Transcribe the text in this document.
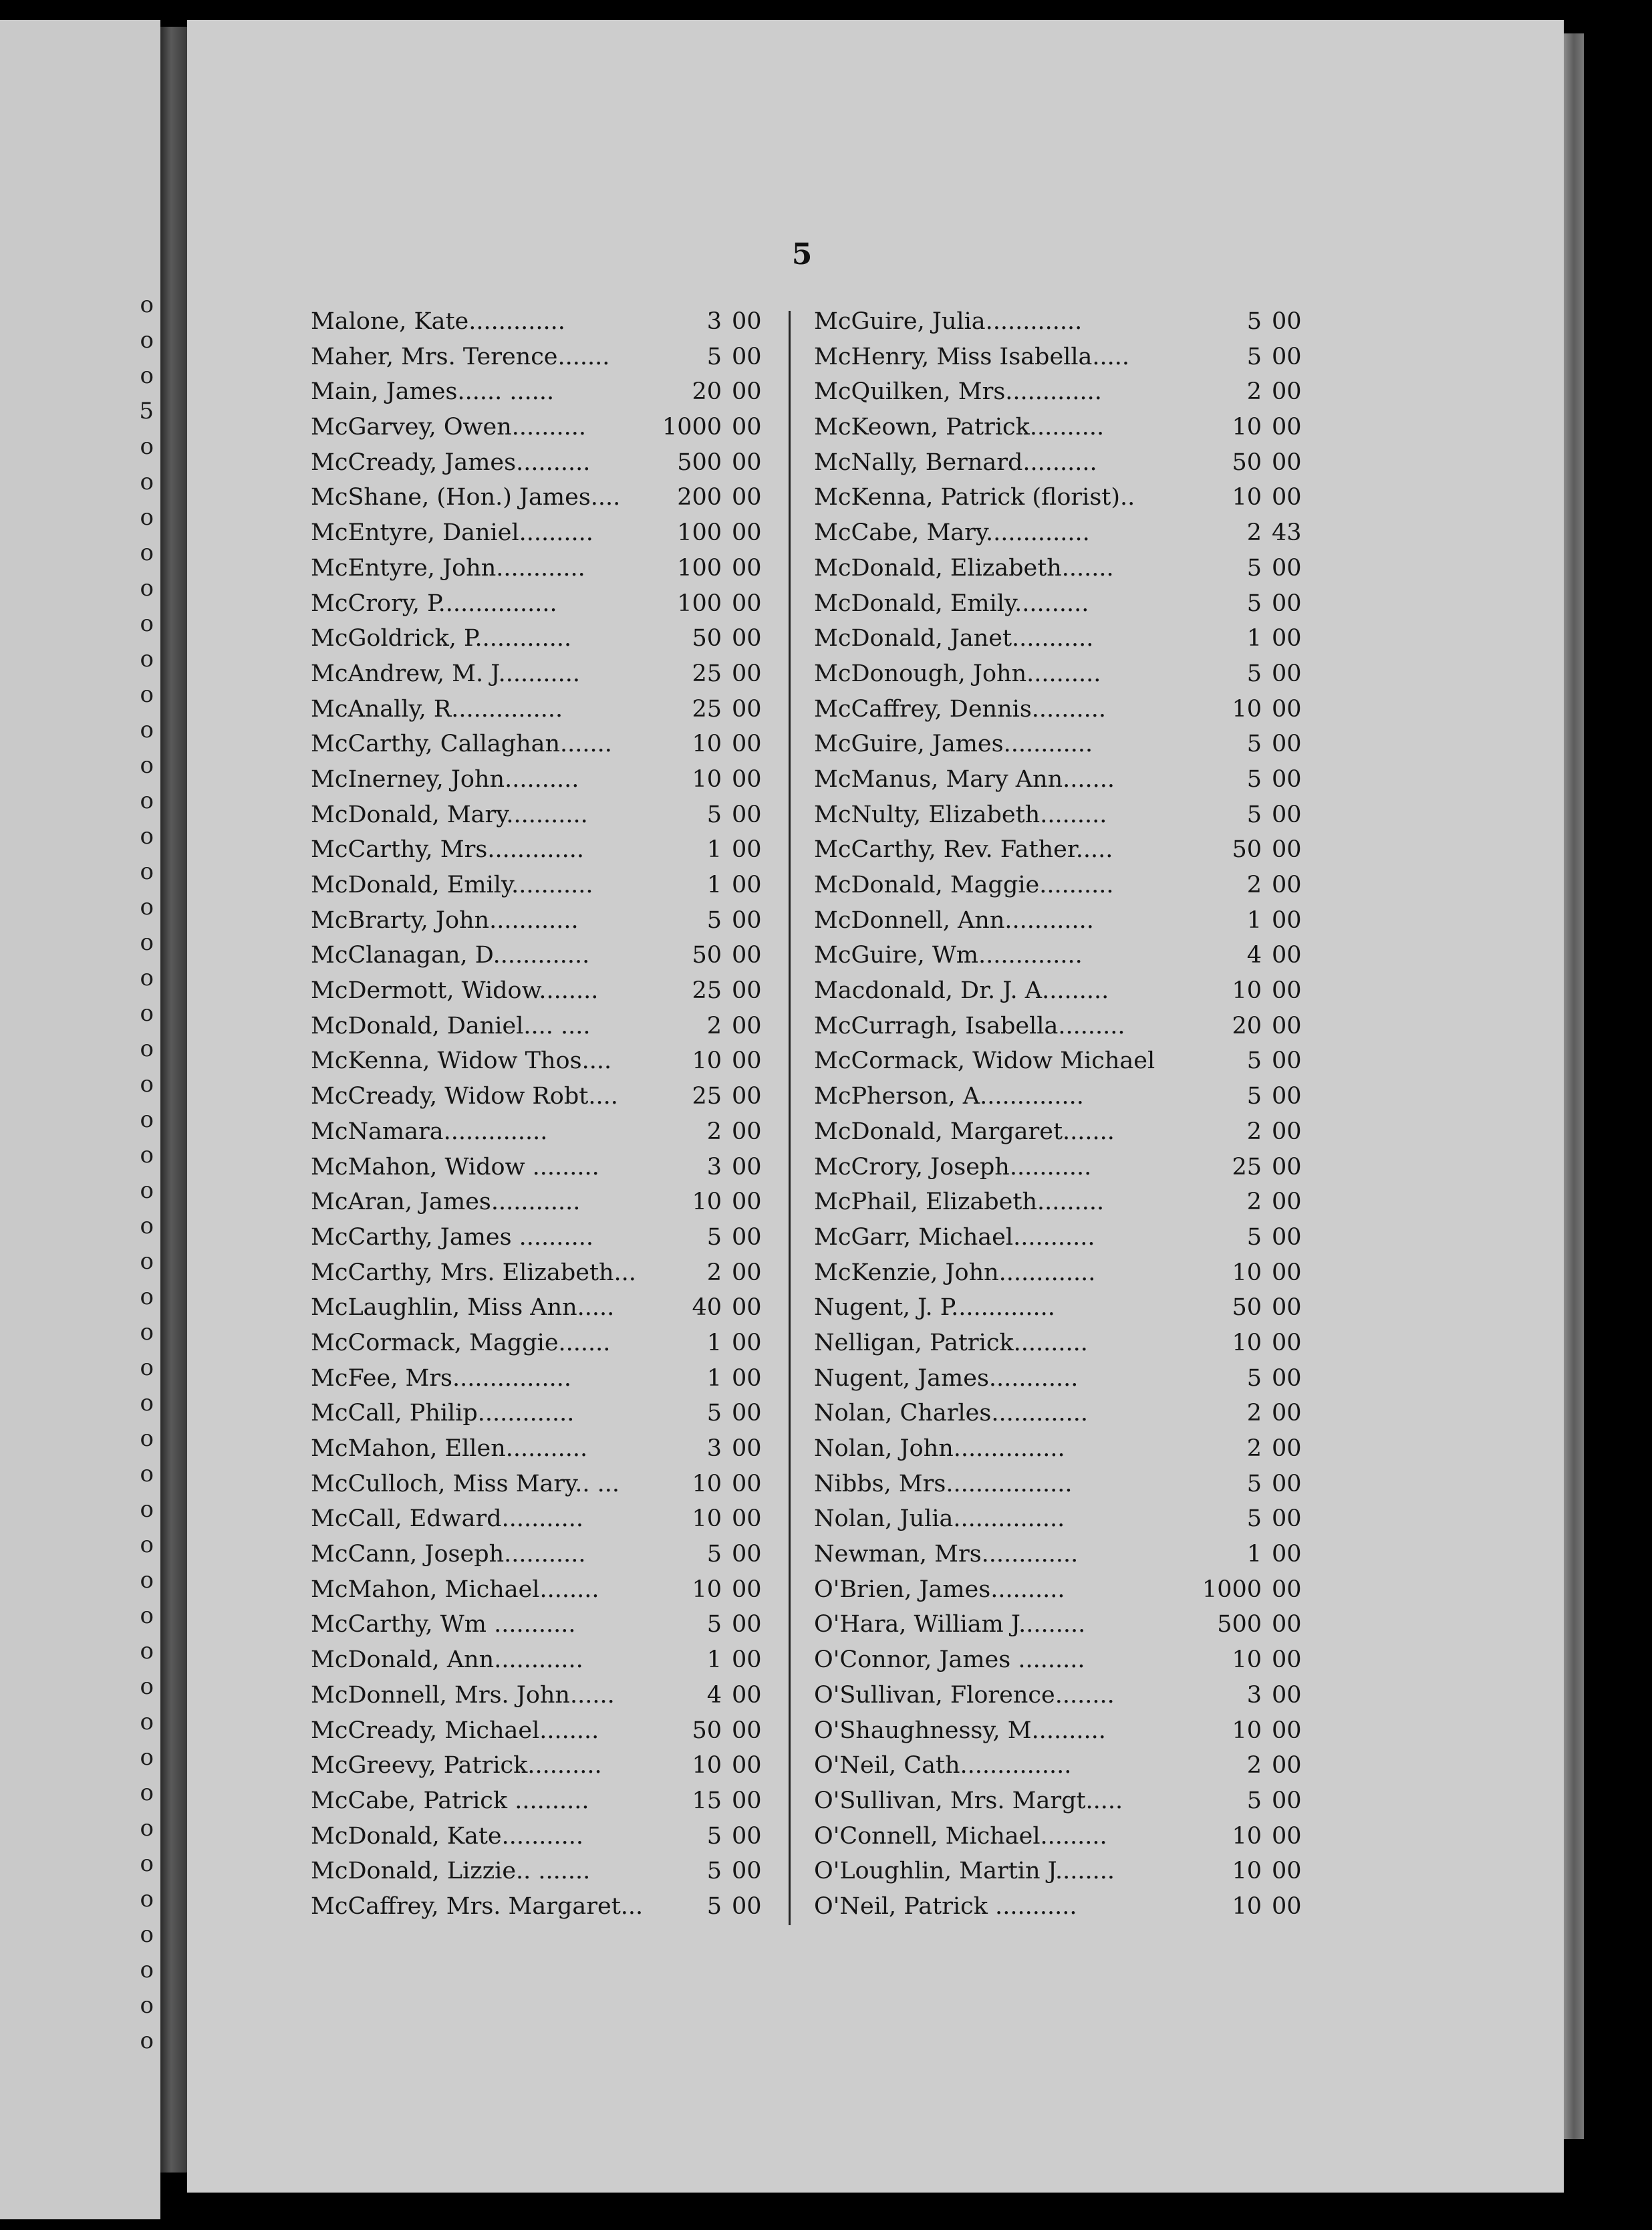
o
o
o
5
o
o
o
o
o
o
o
o
o
o
o
o
o
o
o
o
o
o
o
o
o
o
o
o
o
o
o
o
o
o
o
o
o
o
o
o
o
o
o
o
o
o
o
o
o
o
5
Malone, Kate.............	3 00
Maher, Mrs. Terence.......	5 00
Main, James...... ......	20 00
McGarvey, Owen..........	1000 00
McCready, James..........	500 00
McShane, (Hon.) James....	200 00
McEntyre, Daniel..........	100 00
McEntyre, John............	100 00
McCrory, P................	100 00
McGoldrick, P.............	50 00
McAndrew, M. J...........	25 00
McAnally, R...............	25 00
McCarthy, Callaghan.......	10 00
McInerney, John..........	10 00
McDonald, Mary...........	5 00
McCarthy, Mrs.............	1 00
McDonald, Emily...........	1 00
McBrarty, John............	5 00
McClanagan, D.............	50 00
McDermott, Widow........	25 00
McDonald, Daniel.... ....	2 00
McKenna, Widow Thos....	10 00
McCready, Widow Robt....	25 00
McNamara..............	2 00
McMahon, Widow .........	3 00
McAran, James............	10 00
McCarthy, James ..........	5 00
McCarthy, Mrs. Elizabeth...	2 00
McLaughlin, Miss Ann.....	40 00
McCormack, Maggie.......	1 00
McFee, Mrs................	1 00
McCall, Philip.............	5 00
McMahon, Ellen...........	3 00
McCulloch, Miss Mary.. ...	10 00
McCall, Edward...........	10 00
McCann, Joseph...........	5 00
McMahon, Michael........	10 00
McCarthy, Wm ...........	5 00
McDonald, Ann............	1 00
McDonnell, Mrs. John......	4 00
McCready, Michael........	50 00
McGreevy, Patrick..........	10 00
McCabe, Patrick ..........	15 00
McDonald, Kate...........	5 00
McDonald, Lizzie.. .......	5 00
McCaffrey, Mrs. Margaret...	5 00
McGuire, Julia.............	5 00
McHenry, Miss Isabella.....	5 00
McQuilken, Mrs.............	2 00
McKeown, Patrick..........	10 00
McNally, Bernard..........	50 00
McKenna, Patrick (florist)..	10 00
McCabe, Mary..............	2 43
McDonald, Elizabeth.......	5 00
McDonald, Emily..........	5 00
McDonald, Janet...........	1 00
McDonough, John..........	5 00
McCaffrey, Dennis..........	10 00
McGuire, James............	5 00
McManus, Mary Ann.......	5 00
McNulty, Elizabeth.........	5 00
McCarthy, Rev. Father.....	50 00
McDonald, Maggie..........	2 00
McDonnell, Ann............	1 00
McGuire, Wm..............	4 00
Macdonald, Dr. J. A.........	10 00
McCurragh, Isabella.........	20 00
McCormack, Widow Michael	5 00
McPherson, A..............	5 00
McDonald, Margaret.......	2 00
McCrory, Joseph...........	25 00
McPhail, Elizabeth.........	2 00
McGarr, Michael...........	5 00
McKenzie, John.............	10 00
Nugent, J. P..............	50 00
Nelligan, Patrick..........	10 00
Nugent, James............	5 00
Nolan, Charles.............	2 00
Nolan, John...............	2 00
Nibbs, Mrs.................	5 00
Nolan, Julia...............	5 00
Newman, Mrs.............	1 00
O'Brien, James..........	1000 00
O'Hara, William J.........	500 00
O'Connor, James .........	10 00
O'Sullivan, Florence........	3 00
O'Shaughnessy, M..........	10 00
O'Neil, Cath...............	2 00
O'Sullivan, Mrs. Margt.....	5 00
O'Connell, Michael.........	10 00
O'Loughlin, Martin J........	10 00
O'Neil, Patrick ...........	10 00
